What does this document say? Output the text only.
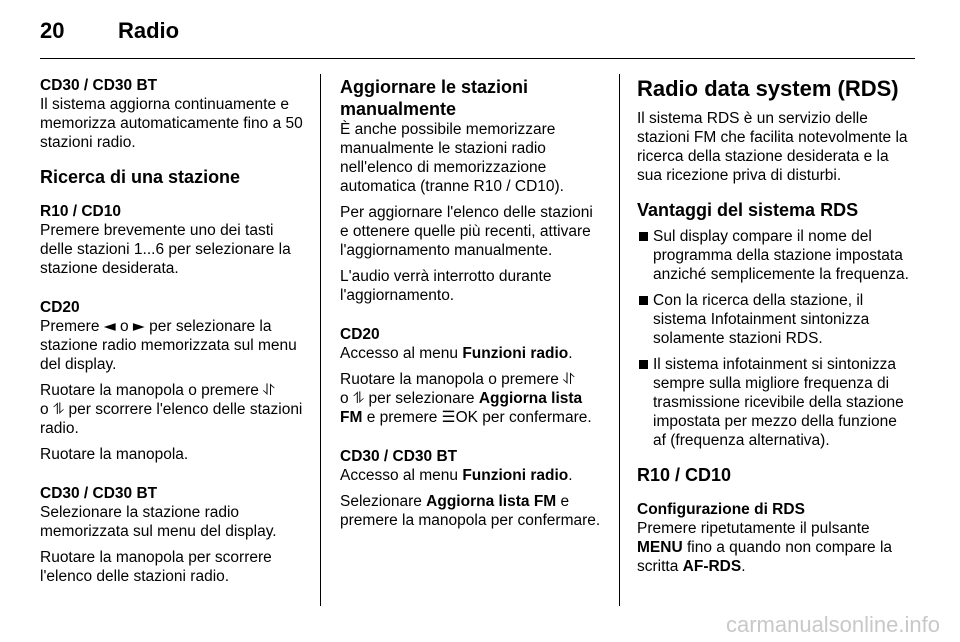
20 Radio
CD30 / CD30 BT

Il sistema aggiorna continuamente e memorizza automaticamente fino a 50 stazioni radio.

Ricerca di una stazione
R10 / CD10

Premere brevemente uno dei tasti delle stazioni 1...6 per selezionare la stazione desiderata.

CD20

Premere ◄ o ► per selezionare la stazione radio memorizzata sul menu del display.

Ruotare la manopola o premere ⥯
o ⥮ per scorrere l'elenco delle stazioni radio.

Ruotare la manopola.

CD30 / CD30 BT

Selezionare la stazione radio memorizzata sul menu del display.

Ruotare la manopola per scorrere l'elenco delle stazioni radio.

Aggiornare le stazioni manualmente

È anche possibile memorizzare manualmente le stazioni radio nell'elenco di memorizzazione automatica (tranne R10 / CD10).

Per aggiornare l'elenco delle stazioni e ottenere quelle più recenti, attivare l'aggiornamento manualmente.

L'audio verrà interrotto durante l'aggiornamento.

CD20

Accesso al menu Funzioni radio.

Ruotare la manopola o premere ⥯
o ⥮ per selezionare Aggiorna lista FM e premere ☰OK per confermare.

CD30 / CD30 BT

Accesso al menu Funzioni radio.

Selezionare Aggiorna lista FM e premere la manopola per confermare.

Radio data system (RDS)

Il sistema RDS è un servizio delle stazioni FM che facilita notevolmente la ricerca della stazione desiderata e la sua ricezione priva di disturbi.

Vantaggi del sistema RDS
Sul display compare il nome del programma della stazione impostata anziché semplicemente la frequenza.
Con la ricerca della stazione, il sistema Infotainment sintonizza solamente stazioni RDS.
Il sistema infotainment si sintonizza sempre sulla migliore frequenza di trasmissione ricevibile della stazione impostata per mezzo della funzione af (frequenza alternativa).
R10 / CD10
Configurazione di RDS

Premere ripetutamente il pulsante MENU fino a quando non compare la scritta AF-RDS.

carmanualsonline.info
